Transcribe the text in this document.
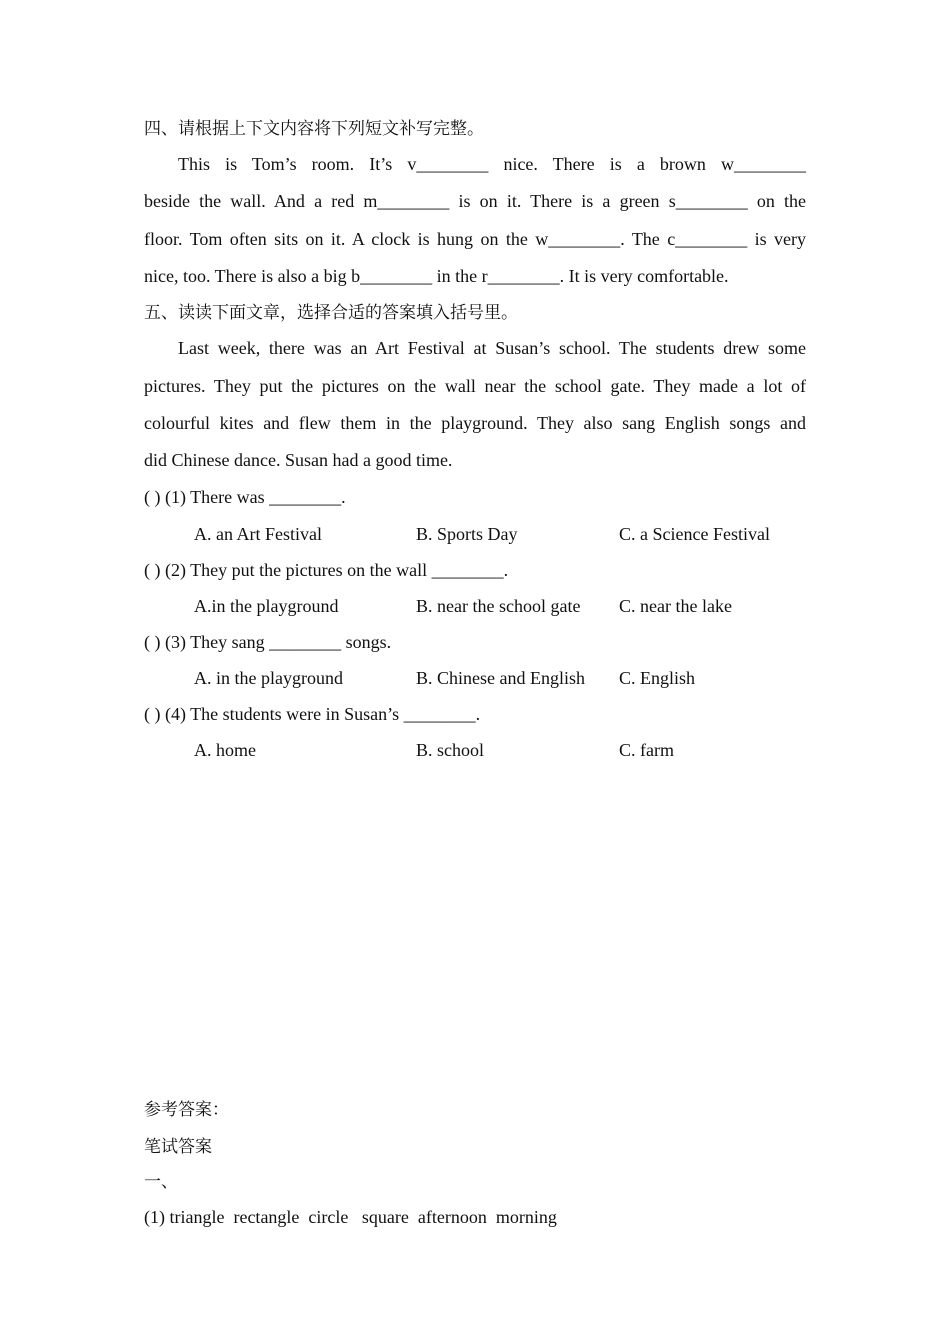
四、请根据上下文内容将下列短文补写完整。
This is Tom’s room. It’s v________ nice. There is a brown w________
beside the wall. And a red m________ is on it. There is a green s________ on the
floor. Tom often sits on it. A clock is hung on the w________. The c________ is very
nice, too. There is also a big b________ in the r________. It is very comfortable.
五、读读下面文章，选择合适的答案填入括号里。
Last week, there was an Art Festival at Susan’s school. The students drew some
pictures. They put the pictures on the wall near the school gate. They made a lot of
colourful kites and flew them in the playground. They also sang English songs and
did Chinese dance. Susan had a good time.
( ) (1) There was ________.
A. an Art Festival	B. Sports Day	C. a Science Festival
( ) (2) They put the pictures on the wall ________.
A.in the playground	B. near the school gate C. near the lake
( ) (3) They sang ________ songs.
A. in the playground	B. Chinese and English C. English
( ) (4) The students were in Susan’s ________.
A. home	B. school	C. farm
参考答案：
笔试答案
一、
(1) triangle  rectangle  circle   square  afternoon  morning
